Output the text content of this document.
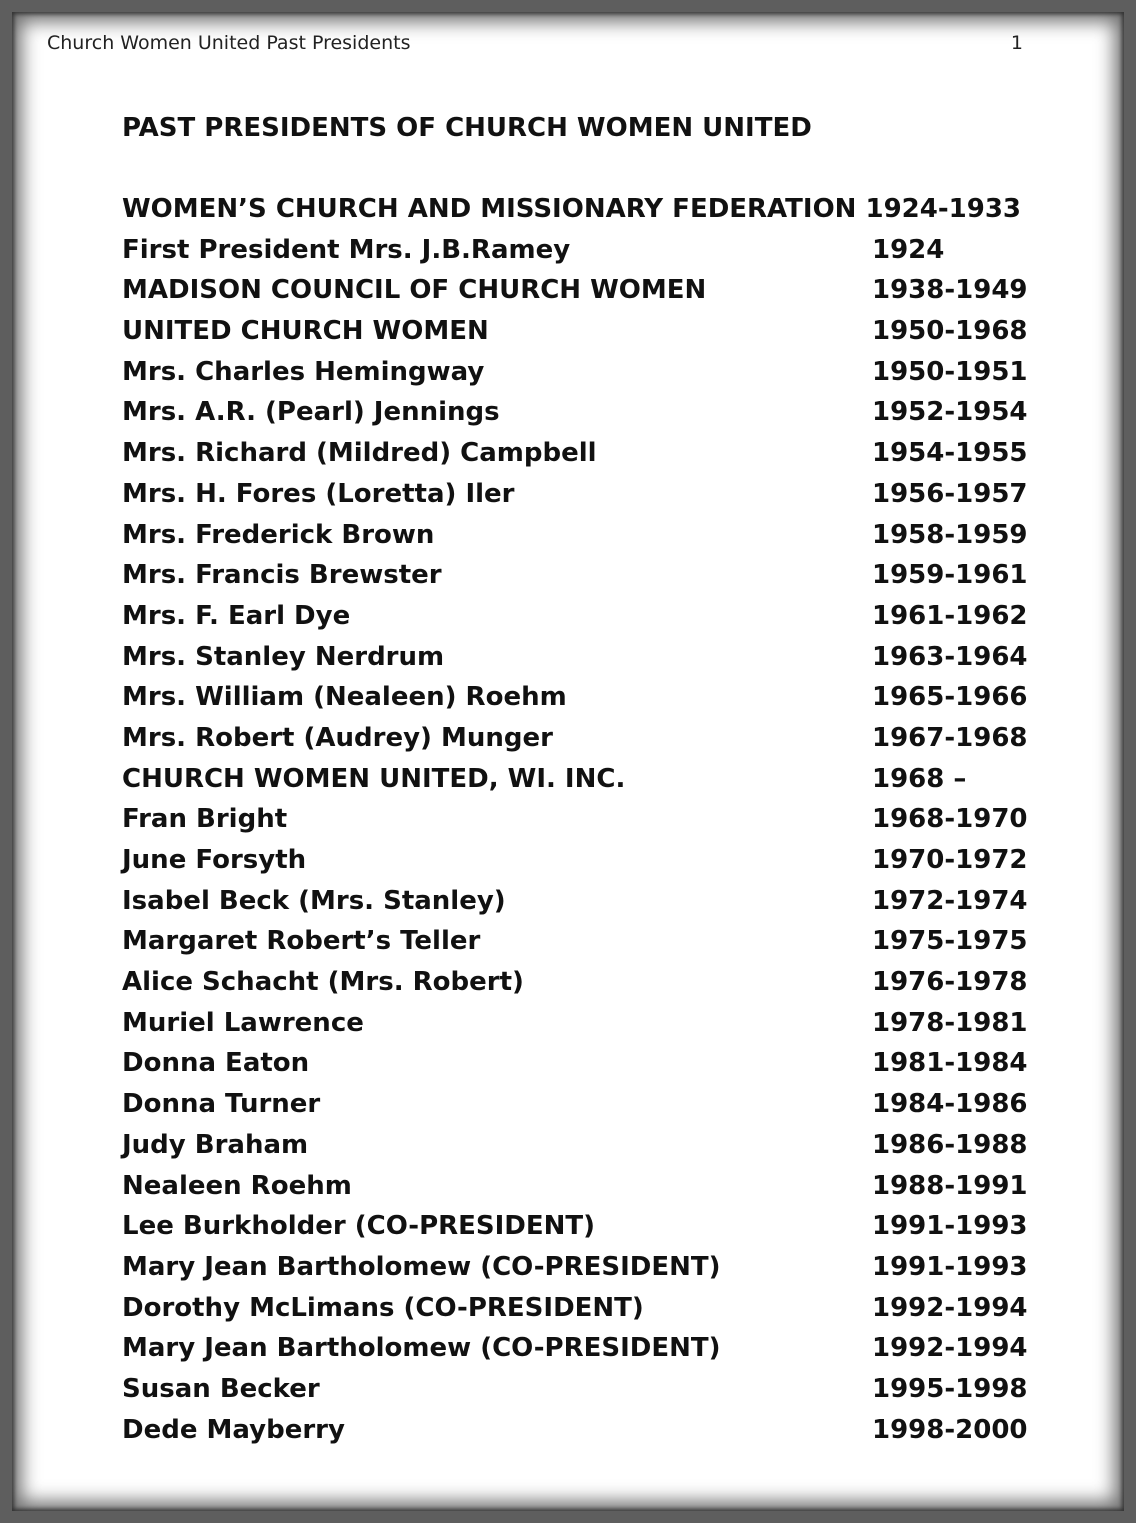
Church Women United Past Presidents	1
PAST PRESIDENTS OF CHURCH WOMEN UNITED
WOMEN’S CHURCH AND MISSIONARY FEDERATION 1924-1933
First President Mrs. J.B.Ramey	1924
MADISON COUNCIL OF CHURCH WOMEN	1938-1949
UNITED CHURCH WOMEN	1950-1968
Mrs. Charles Hemingway	1950-1951
Mrs. A.R. (Pearl) Jennings	1952-1954
Mrs. Richard (Mildred) Campbell	1954-1955
Mrs. H. Fores (Loretta) Iler	1956-1957
Mrs. Frederick Brown	1958-1959
Mrs. Francis Brewster	1959-1961
Mrs. F. Earl Dye	1961-1962
Mrs. Stanley Nerdrum	1963-1964
Mrs. William (Nealeen) Roehm	1965-1966
Mrs. Robert (Audrey) Munger	1967-1968
CHURCH WOMEN UNITED, WI. INC.	1968 –
Fran Bright	1968-1970
June Forsyth	1970-1972
Isabel Beck (Mrs. Stanley)	1972-1974
Margaret Robert’s Teller	1975-1975
Alice Schacht (Mrs. Robert)	1976-1978
Muriel Lawrence	1978-1981
Donna Eaton	1981-1984
Donna Turner	1984-1986
Judy Braham	1986-1988
Nealeen Roehm	1988-1991
Lee Burkholder (CO-PRESIDENT)	1991-1993
Mary Jean Bartholomew (CO-PRESIDENT)	1991-1993
Dorothy McLimans (CO-PRESIDENT)	1992-1994
Mary Jean Bartholomew (CO-PRESIDENT)	1992-1994
Susan Becker	1995-1998
Dede Mayberry	1998-2000
